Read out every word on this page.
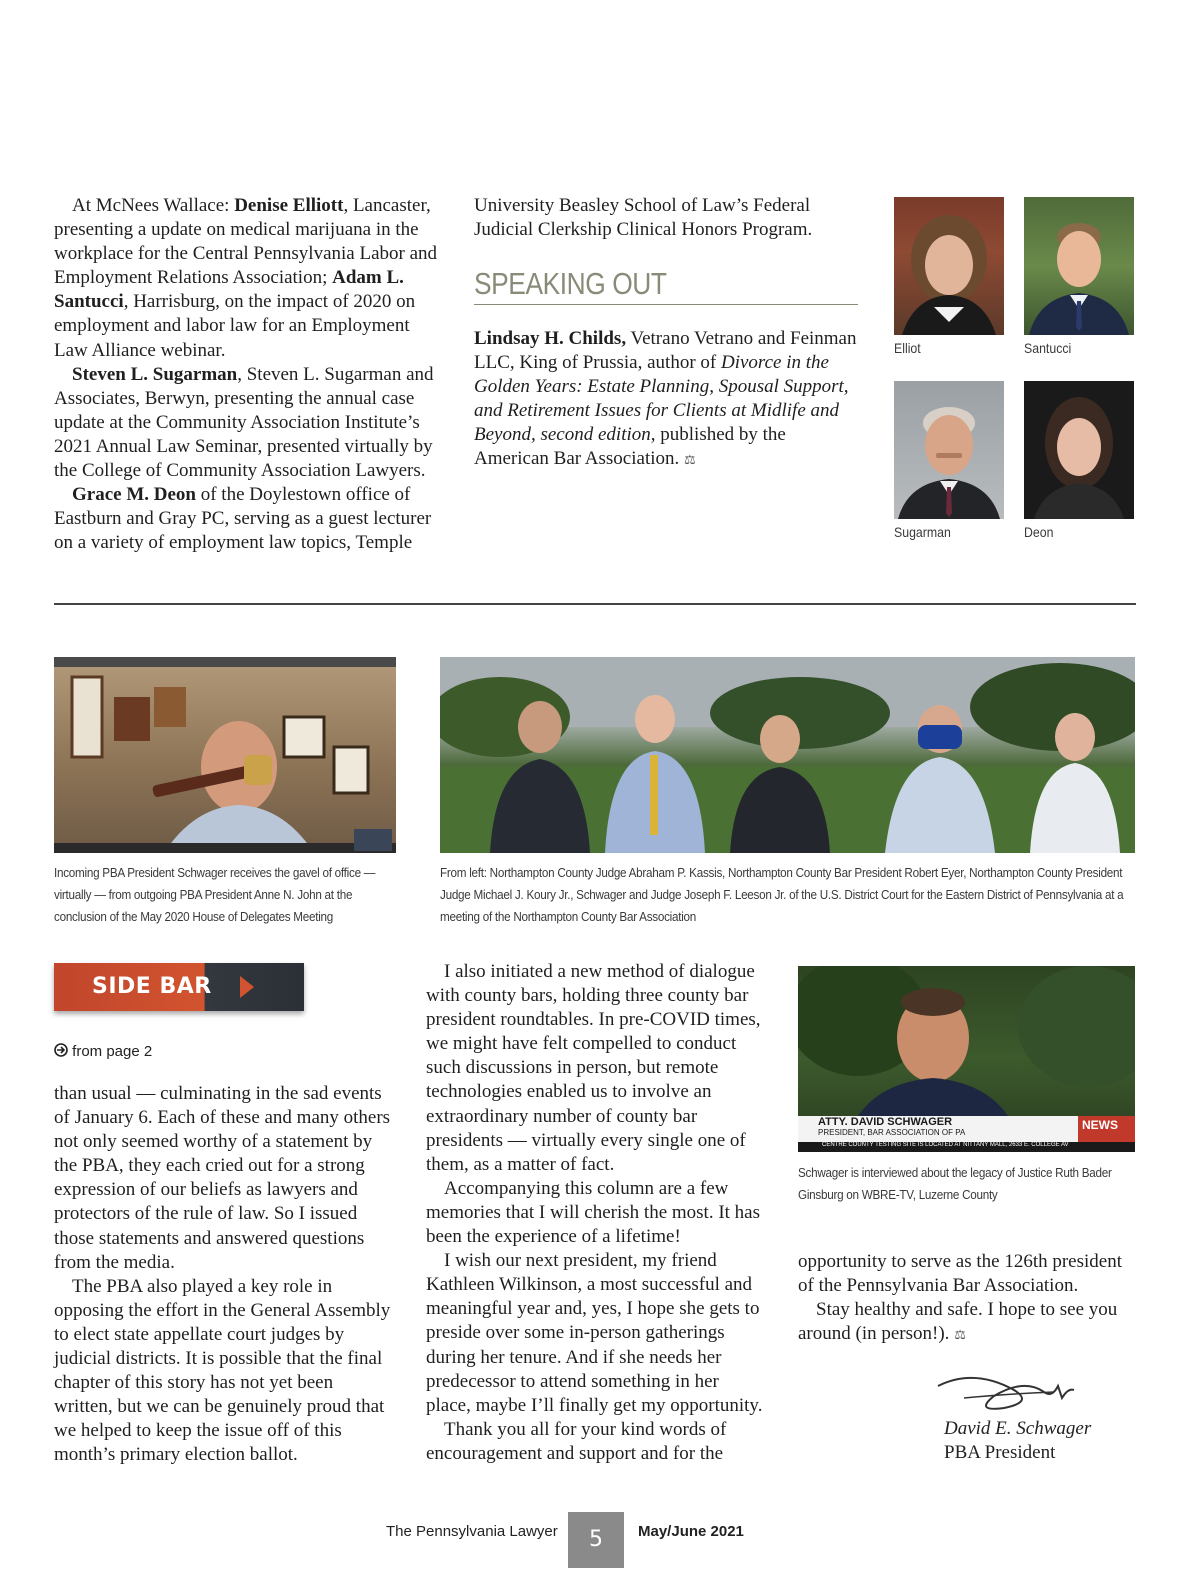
At McNees Wallace: Denise Elliott, Lancaster, presenting a update on medical marijuana in the workplace for the Central Pennsylvania Labor and Employment Relations Association; Adam L. Santucci, Harrisburg, on the impact of 2020 on employment and labor law for an Employment Law Alliance webinar.

Steven L. Sugarman, Steven L. Sugarman and Associates, Berwyn, presenting the annual case update at the Community Association Institute’s 2021 Annual Law Seminar, presented virtually by the College of Community Association Lawyers.

Grace M. Deon of the Doylestown office of Eastburn and Gray PC, serving as a guest lecturer on a variety of employment law topics, Temple

University Beasley School of Law’s Federal Judicial Clerkship Clinical Honors Program.

SPEAKING OUT

Lindsay H. Childs, Vetrano Vetrano and Feinman LLC, King of Prussia, author of Divorce in the Golden Years: Estate Planning, Spousal Support, and Retirement Issues for Clients at Midlife and Beyond, second edition, published by the American Bar Association. ⚖

Elliot	Santucci
Sugarman	Deon
Incoming PBA President Schwager receives the gavel of office — virtually — from outgoing PBA President Anne N. John at the conclusion of the May 2020 House of Delegates Meeting
From left: Northampton County Judge Abraham P. Kassis, Northampton County Bar President Robert Eyer, Northampton County President Judge Michael J. Koury Jr., Schwager and Judge Joseph F. Leeson Jr. of the U.S. District Court for the Eastern District of Pennsylvania at a meeting of the Northampton County Bar Association
SIDE BAR
from page 2

than usual — culminating in the sad events of January 6. Each of these and many others not only seemed worthy of a statement by the PBA, they each cried out for a strong expression of our beliefs as lawyers and protectors of the rule of law. So I issued those statements and answered questions from the media.

The PBA also played a key role in opposing the effort in the General Assembly to elect state appellate court judges by judicial districts. It is possible that the final chapter of this story has not yet been written, but we can be genuinely proud that we helped to keep the issue off of this month’s primary election ballot.

I also initiated a new method of dialogue with county bars, holding three county bar president roundtables. In pre-COVID times, we might have felt compelled to conduct such discussions in person, but remote technologies enabled us to involve an extraordinary number of county bar presidents — virtually every single one of them, as a matter of fact.

Accompanying this column are a few memories that I will cherish the most. It has been the experience of a lifetime!

I wish our next president, my friend Kathleen Wilkinson, a most successful and meaningful year and, yes, I hope she gets to preside over some in-person gatherings during her tenure. And if she needs her predecessor to attend something in her place, maybe I’ll finally get my opportunity.

Thank you all for your kind words of encouragement and support and for the

ATTY. DAVID SCHWAGER
PRESIDENT, BAR ASSOCIATION OF PA
CENTRE COUNTY TESTING SITE IS LOCATED AT NITTANY MALL, 2633 E. COLLEGE AV
NEWS
Schwager is interviewed about the legacy of Justice Ruth Bader Ginsburg on WBRE-TV, Luzerne County

opportunity to serve as the 126th president of the Pennsylvania Bar Association.

Stay healthy and safe. I hope to see you around (in person!). ⚖

David E. Schwager
PBA President
The Pennsylvania Lawyer	5	May/June 2021
